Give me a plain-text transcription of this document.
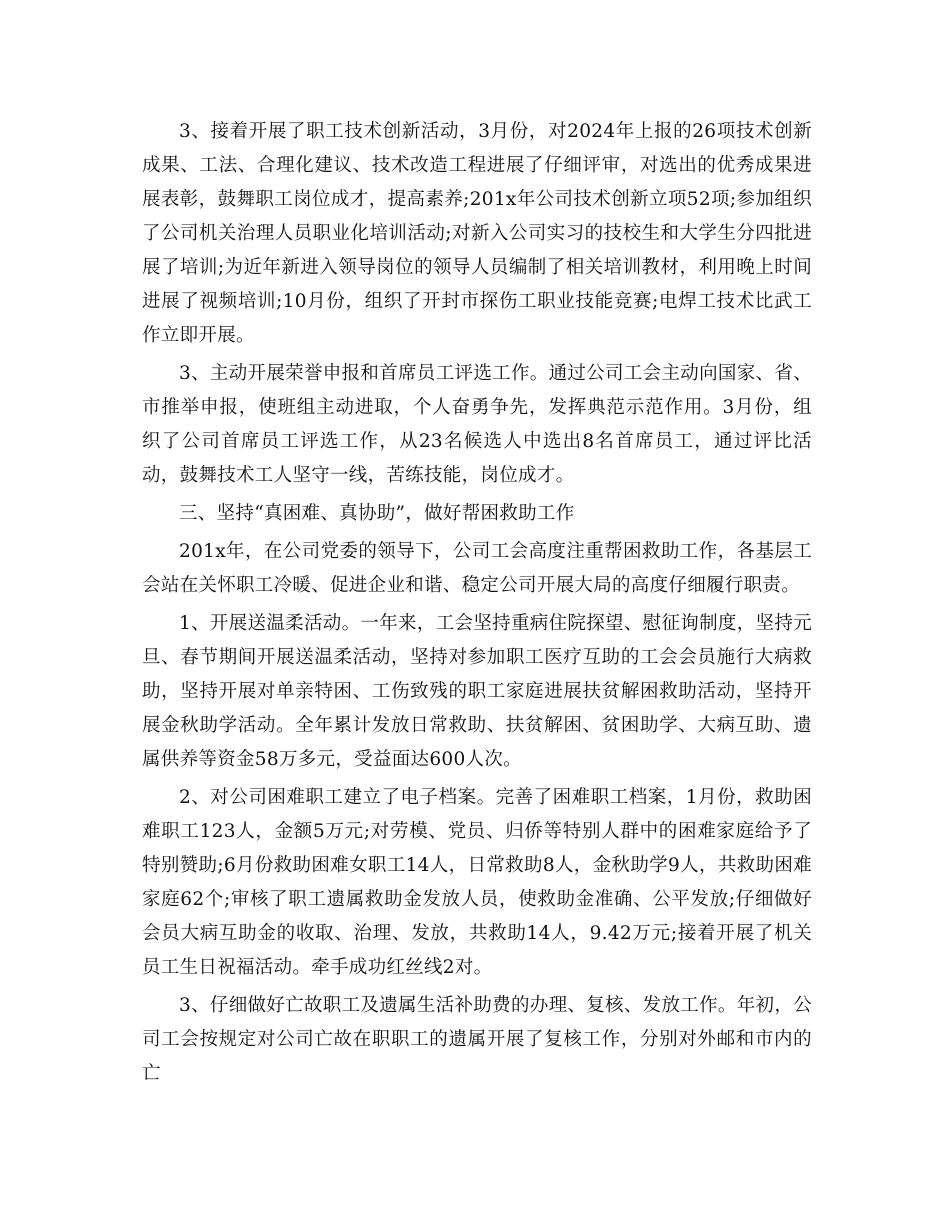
3、接着开展了职工技术创新活动，3月份，对2024年上报的26项技术创新成果、工法、合理化建议、技术改造工程进展了仔细评审，对选出的优秀成果进展表彰，鼓舞职工岗位成才，提高素养;201x年公司技术创新立项52项;参加组织了公司机关治理人员职业化培训活动;对新入公司实习的技校生和大学生分四批进展了培训;为近年新进入领导岗位的领导人员编制了相关培训教材，利用晚上时间进展了视频培训;10月份，组织了开封市探伤工职业技能竞赛;电焊工技术比武工作立即开展。

3、主动开展荣誉申报和首席员工评选工作。通过公司工会主动向国家、省、市推举申报，使班组主动进取，个人奋勇争先，发挥典范示范作用。3月份，组织了公司首席员工评选工作，从23名候选人中选出8名首席员工，通过评比活动，鼓舞技术工人坚守一线，苦练技能，岗位成才。

三、坚持“真困难、真协助”，做好帮困救助工作

201x年，在公司党委的领导下，公司工会高度注重帮困救助工作，各基层工会站在关怀职工冷暖、促进企业和谐、稳定公司开展大局的高度仔细履行职责。

1、开展送温柔活动。一年来，工会坚持重病住院探望、慰征询制度，坚持元旦、春节期间开展送温柔活动，坚持对参加职工医疗互助的工会会员施行大病救助，坚持开展对单亲特困、工伤致残的职工家庭进展扶贫解困救助活动，坚持开展金秋助学活动。全年累计发放日常救助、扶贫解困、贫困助学、大病互助、遗属供养等资金58万多元，受益面达600人次。

2、对公司困难职工建立了电子档案。完善了困难职工档案，1月份，救助困难职工123人，金额5万元;对劳模、党员、归侨等特别人群中的困难家庭给予了特别赞助;6月份救助困难女职工14人，日常救助8人，金秋助学9人，共救助困难家庭62个;审核了职工遗属救助金发放人员，使救助金准确、公平发放;仔细做好会员大病互助金的收取、治理、发放，共救助14人，9.42万元;接着开展了机关员工生日祝福活动。牵手成功红丝线2对。

3、仔细做好亡故职工及遗属生活补助费的办理、复核、发放工作。年初，公司工会按规定对公司亡故在职职工的遗属开展了复核工作，分别对外邮和市内的亡
